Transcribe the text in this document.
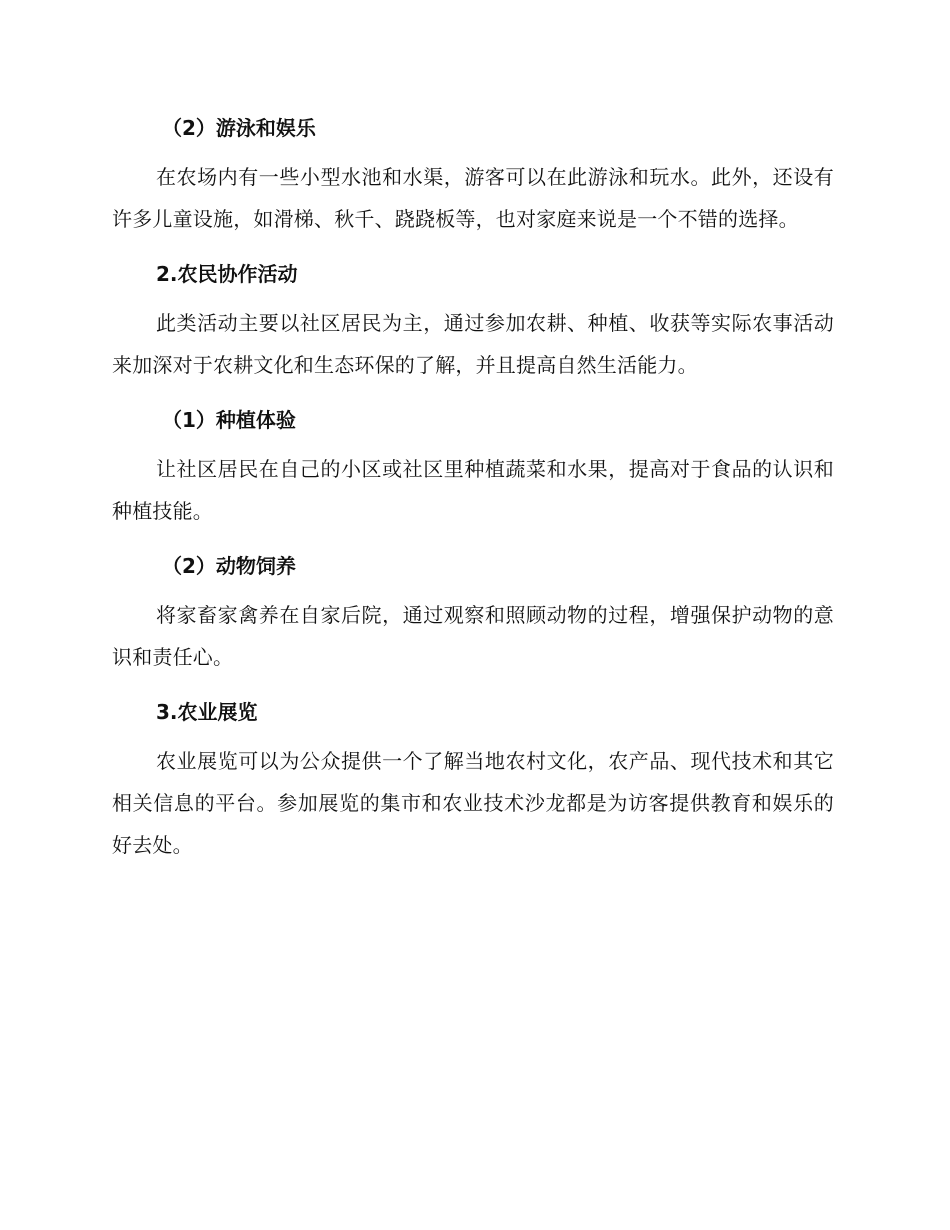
（2）游泳和娱乐

在农场内有一些小型水池和水渠，游客可以在此游泳和玩水。此外，还设有许多儿童设施，如滑梯、秋千、跷跷板等，也对家庭来说是一个不错的选择。

2.农民协作活动

此类活动主要以社区居民为主，通过参加农耕、种植、收获等实际农事活动来加深对于农耕文化和生态环保的了解，并且提高自然生活能力。

（1）种植体验

让社区居民在自己的小区或社区里种植蔬菜和水果，提高对于食品的认识和种植技能。

（2）动物饲养

将家畜家禽养在自家后院，通过观察和照顾动物的过程，增强保护动物的意识和责任心。

3.农业展览

农业展览可以为公众提供一个了解当地农村文化，农产品、现代技术和其它相关信息的平台。参加展览的集市和农业技术沙龙都是为访客提供教育和娱乐的好去处。
